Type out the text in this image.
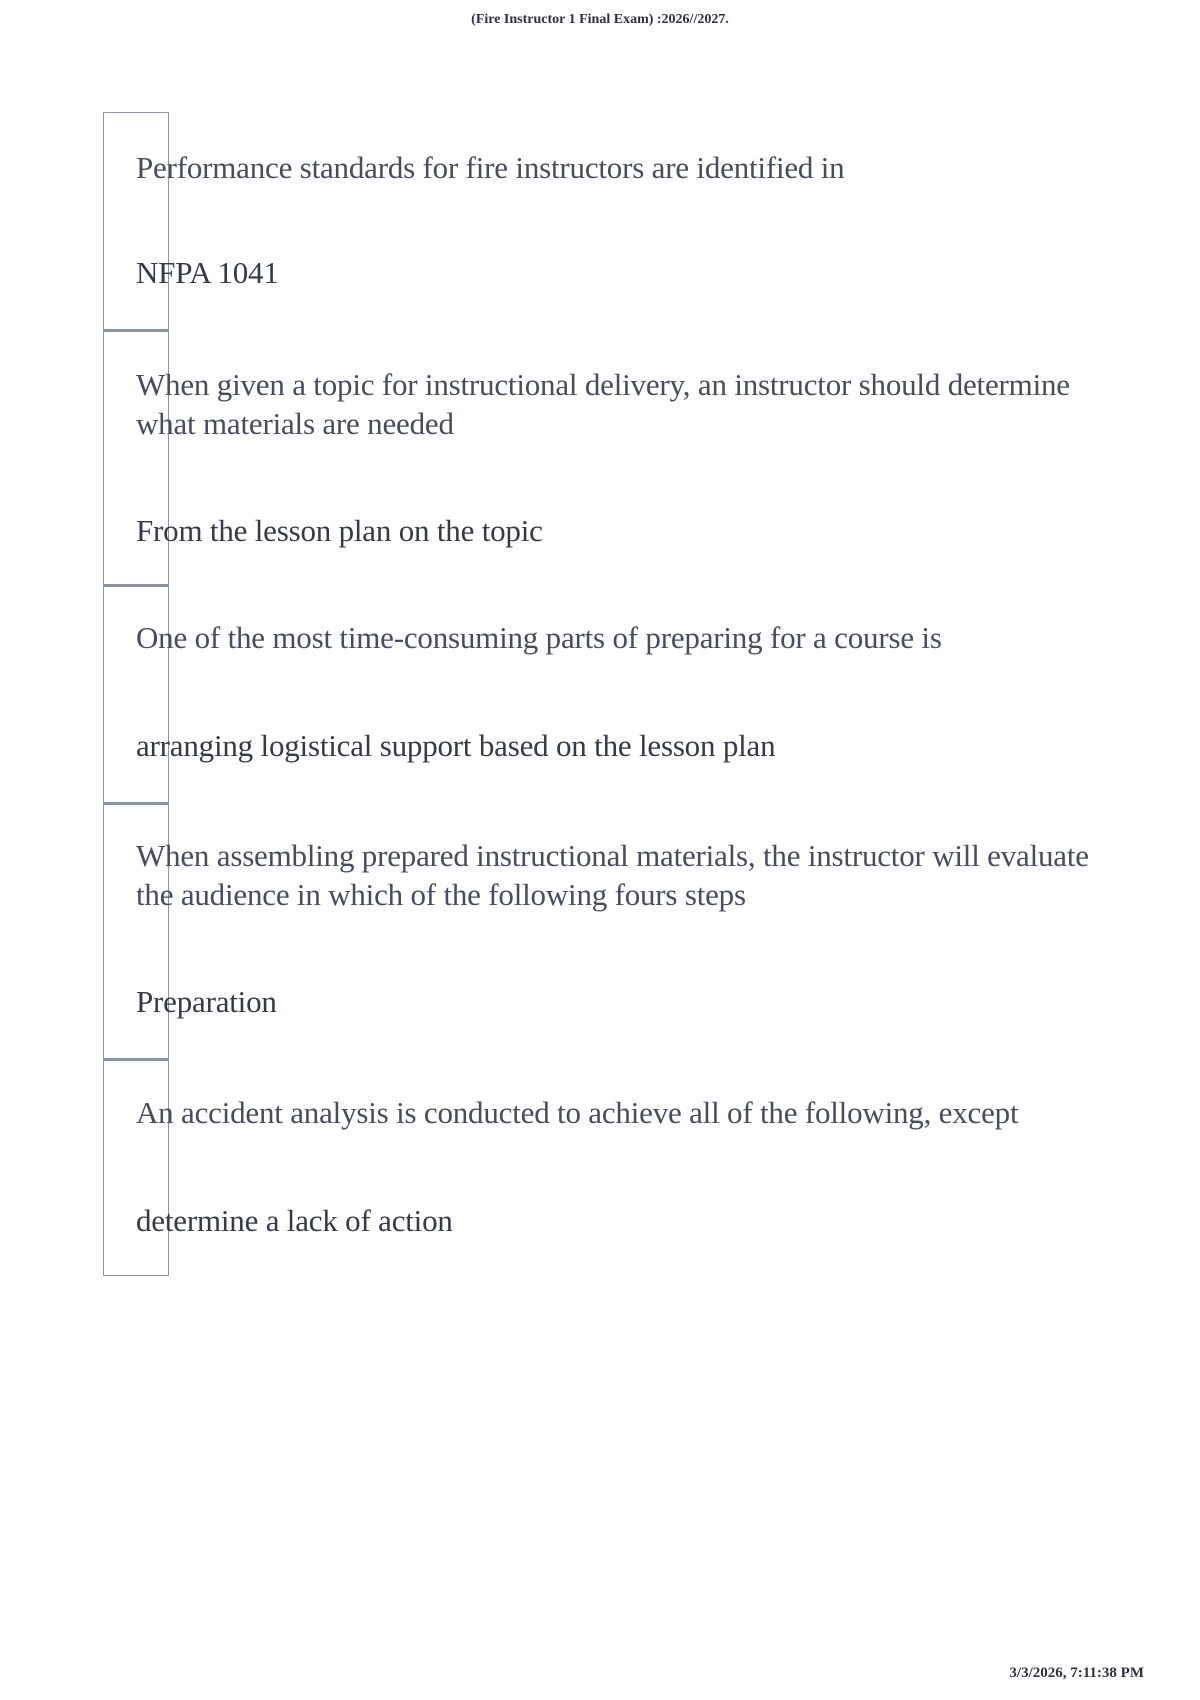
(Fire Instructor 1 Final Exam) :2026//2027.
Performance standards for fire instructors are identified in
NFPA 1041
When given a topic for instructional delivery, an instructor should determine what materials are needed
From the lesson plan on the topic
One of the most time-consuming parts of preparing for a course is
arranging logistical support based on the lesson plan
When assembling prepared instructional materials, the instructor will evaluate the audience in which of the following fours steps
Preparation
An accident analysis is conducted to achieve all of the following, except
determine a lack of action
3/3/2026, 7:11:38 PM
